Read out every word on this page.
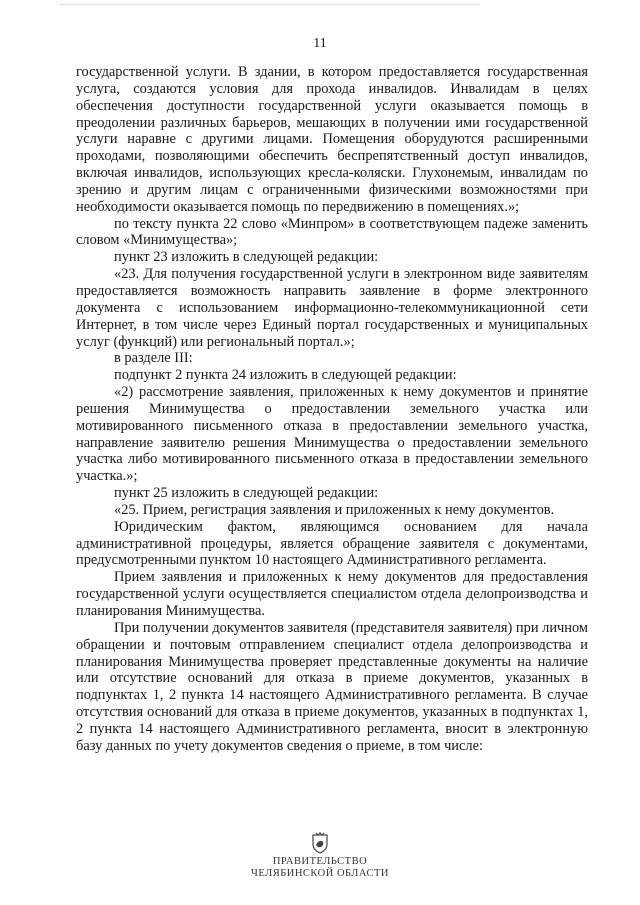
11

государственной услуги. В здании, в котором предоставляется государственная услуга, создаются условия для прохода инвалидов. Инвалидам в целях обеспечения доступности государственной услуги оказывается помощь в преодолении различных барьеров, мешающих в получении ими государственной услуги наравне с другими лицами. Помещения оборудуются расширенными проходами, позволяющими обеспечить беспрепятственный доступ инвалидов, включая инвалидов, использующих кресла-коляски. Глухонемым, инвалидам по зрению и другим лицам с ограниченными физическими возможностями при необходимости оказывается помощь по передвижению в помещениях.»;

по тексту пункта 22 слово «Минпром» в соответствующем падеже заменить словом «Минимущества»;

пункт 23 изложить в следующей редакции:

«23. Для получения государственной услуги в электронном виде заявителям предоставляется возможность направить заявление в форме электронного документа с использованием информационно-телекоммуникационной сети Интернет, в том числе через Единый портал государственных и муниципальных услуг (функций) или региональный портал.»;

в разделе III:

подпункт 2 пункта 24 изложить в следующей редакции:

«2) рассмотрение заявления, приложенных к нему документов и принятие решения Минимущества о предоставлении земельного участка или мотивированного письменного отказа в предоставлении земельного участка, направление заявителю решения Минимущества о предоставлении земельного участка либо мотивированного письменного отказа в предоставлении земельного участка.»;

пункт 25 изложить в следующей редакции:

«25. Прием, регистрация заявления и приложенных к нему документов.

Юридическим фактом, являющимся основанием для начала административной процедуры, является обращение заявителя с документами, предусмотренными пунктом 10 настоящего Административного регламента.

Прием заявления и приложенных к нему документов для предоставления государственной услуги осуществляется специалистом отдела делопроизводства и планирования Минимущества.

При получении документов заявителя (представителя заявителя) при личном обращении и почтовым отправлением специалист отдела делопроизводства и планирования Минимущества проверяет представленные документы на наличие или отсутствие оснований для отказа в приеме документов, указанных в подпунктах 1, 2 пункта 14 настоящего Административного регламента. В случае отсутствия оснований для отказа в приеме документов, указанных в подпунктах 1, 2 пункта 14 настоящего Административного регламента, вносит в электронную базу данных по учету документов сведения о приеме, в том числе:

ПРАВИТЕЛЬСТВО
ЧЕЛЯБИНСКОЙ ОБЛАСТИ
